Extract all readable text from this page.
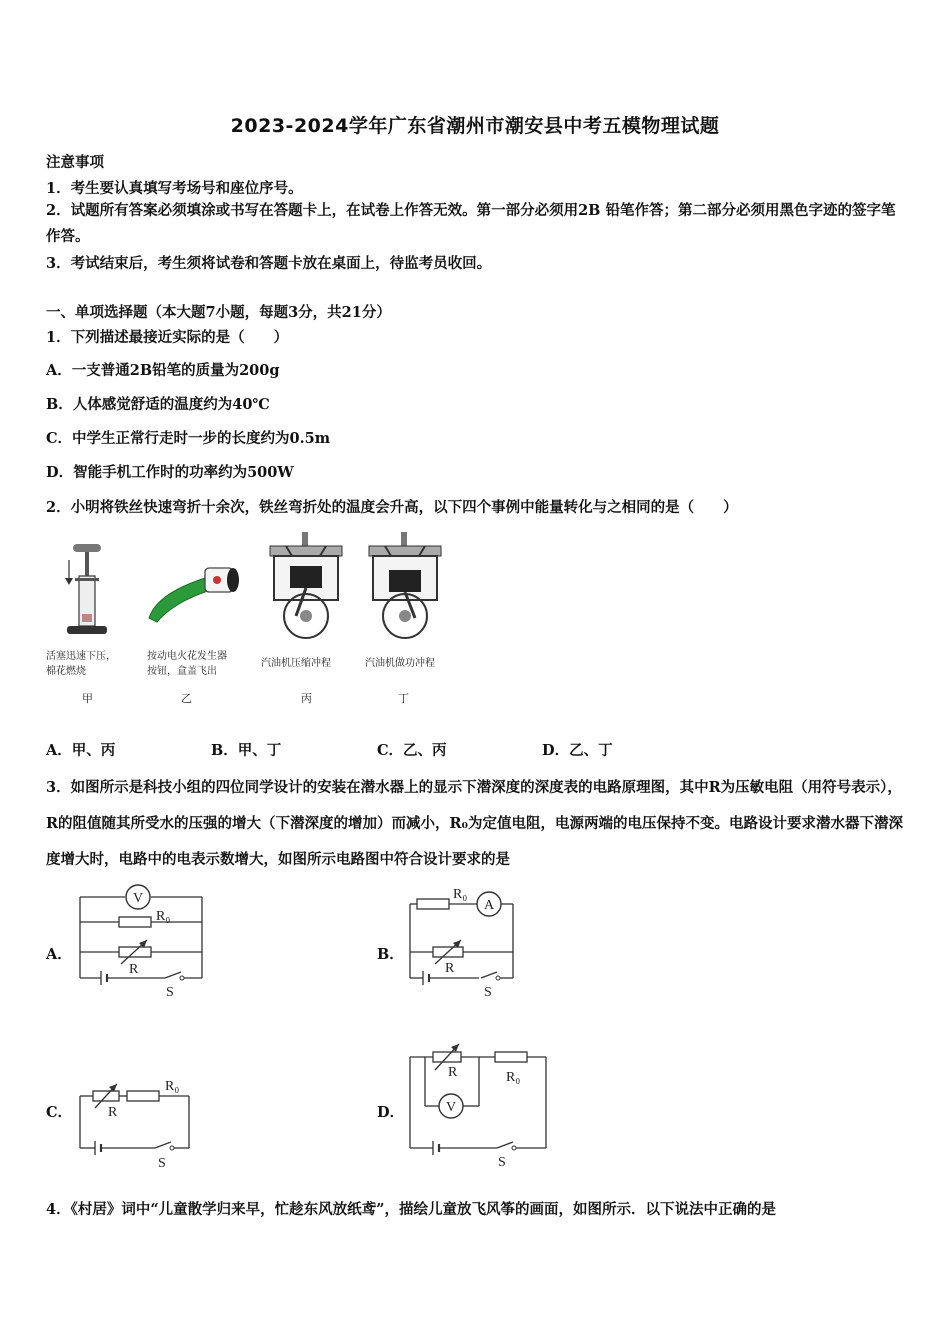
2023-2024学年广东省潮州市潮安县中考五模物理试题
注意事项
1．考生要认真填写考场号和座位序号。
2．试题所有答案必须填涂或书写在答题卡上，在试卷上作答无效。第一部分必须用2B 铅笔作答；第二部分必须用黑色字迹的签字笔作答。
3．考试结束后，考生须将试卷和答题卡放在桌面上，待监考员收回。
一、单项选择题（本大题7小题，每题3分，共21分）
1．下列描述最接近实际的是（　　）
A．一支普通2B铅笔的质量为200g
B．人体感觉舒适的温度约为40℃
C．中学生正常行走时一步的长度约为0.5m
D．智能手机工作时的功率约为500W
2．小明将铁丝快速弯折十余次，铁丝弯折处的温度会升高，以下四个事例中能量转化与之相同的是（　　）
活塞迅速下压，
棉花燃烧
甲
按动电火花发生器
按钮，盒盖飞出
乙
汽油机压缩冲程
丙
汽油机做功冲程
丁
A．甲、丙	B．甲、丁	C．乙、丙	D．乙、丁
3．如图所示是科技小组的四位同学设计的安装在潜水器上的显示下潜深度的深度表的电路原理图，其中R为压敏电阻（用符号表示），R的阻值随其所受水的压强的增大（下潜深度的增加）而减小，R₀为定值电阻，电源两端的电压保持不变。电路设计要求潜水器下潜深度增大时，电路中的电表示数增大，如图所示电路图中符合设计要求的是
A．
V
R₀
R
S
B．
A
R₀
R
S
C．
R₀
R
S
D．	V
R₀
R
S
4．《村居》词中“儿童散学归来早，忙趁东风放纸鸢”，描绘儿童放飞风筝的画面，如图所示．以下说法中正确的是
